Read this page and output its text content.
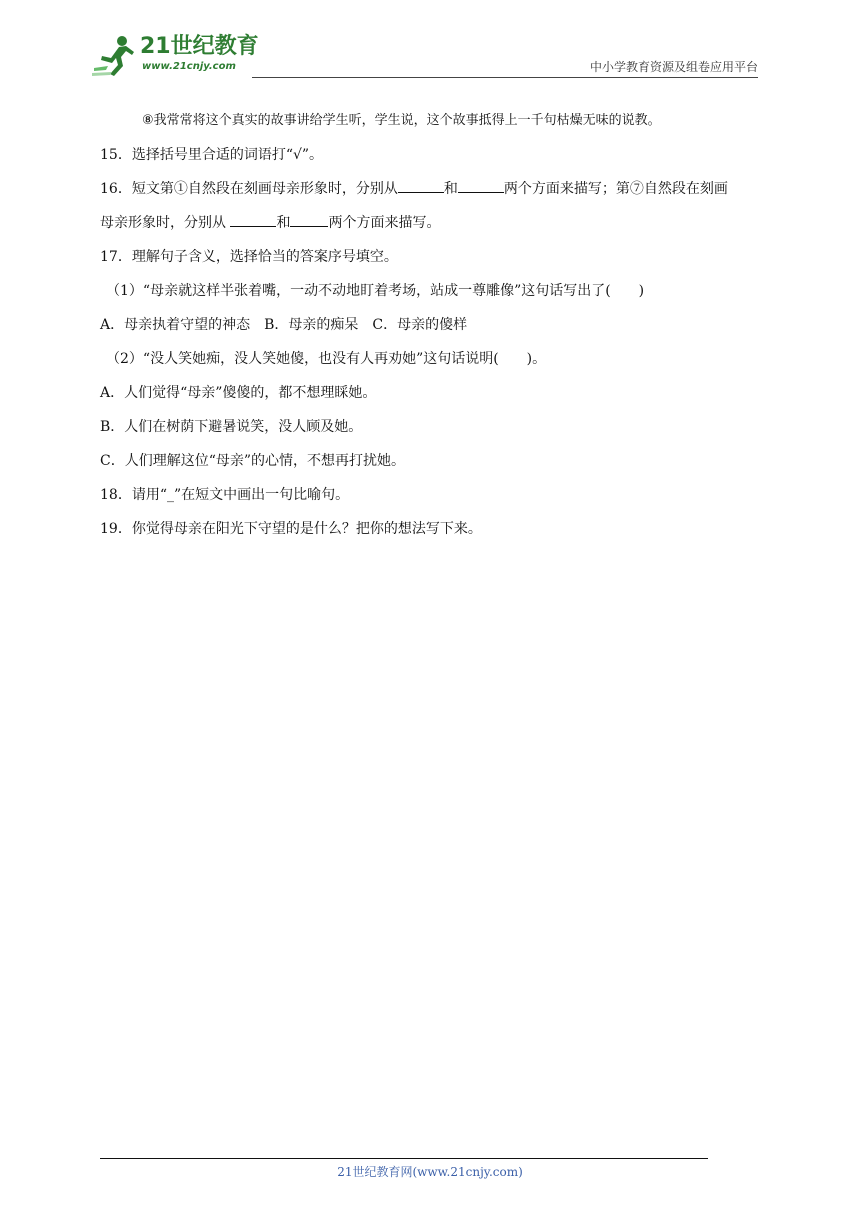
21世纪教育
www.21cnjy.com	中小学教育资源及组卷应用平台
⑧我常常将这个真实的故事讲给学生听，学生说，这个故事抵得上一千句枯燥无味的说教。
15．选择括号里合适的词语打“√”。
16．短文第①自然段在刻画母亲形象时，分别从	和	两个方面来描写；第⑦自然段在刻画
母亲形象时，分别从	和	两个方面来描写。
17．理解句子含义，选择恰当的答案序号填空。
（1）“母亲就这样半张着嘴，一动不动地盯着考场，站成一尊雕像”这句话写出了(　　)
A．母亲执着守望的神态　B．母亲的痴呆　C．母亲的傻样
（2）“没人笑她痴，没人笑她傻，也没有人再劝她”这句话说明(　　)。
A．人们觉得“母亲”傻傻的，都不想理睬她。
B．人们在树荫下避暑说笑，没人顾及她。
C．人们理解这位“母亲”的心情，不想再打扰她。
18．请用“_”在短文中画出一句比喻句。
19．你觉得母亲在阳光下守望的是什么？把你的想法写下来。
21世纪教育网(www.21cnjy.com)
